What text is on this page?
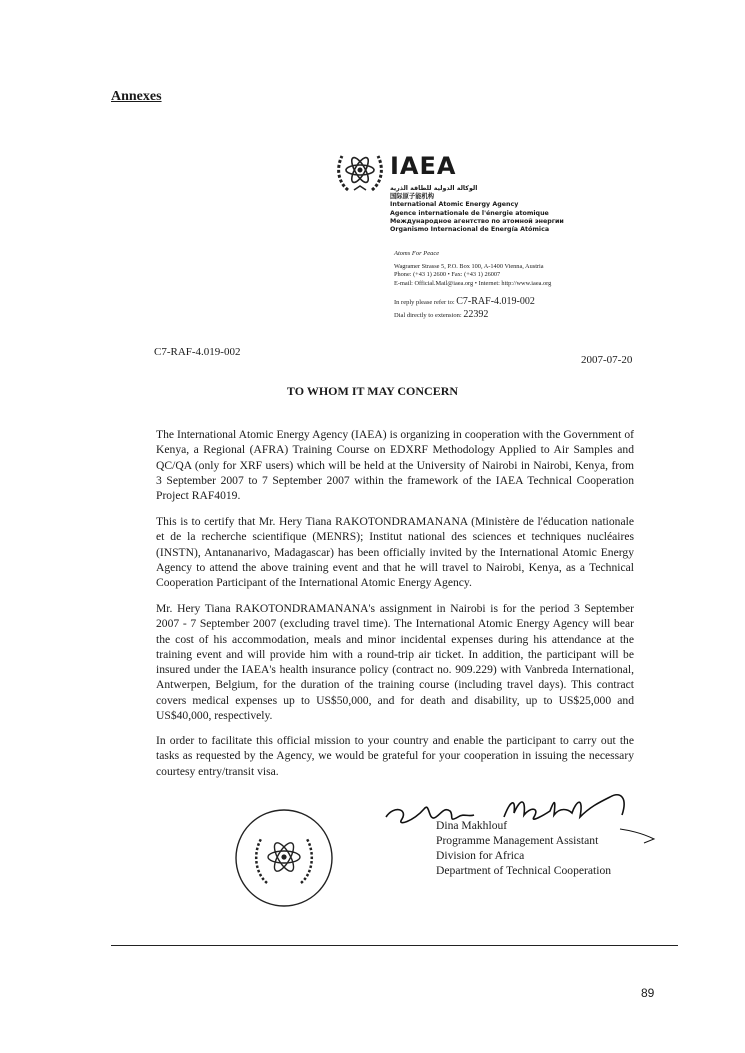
Annexes
IAEA
الوكالة الدولية للطاقة الذرية
国际原子能机构
International Atomic Energy Agency
Agence internationale de l'énergie atomique
Международное агентство по атомной энергии
Organismo Internacional de Energía Atómica
Atoms For Peace
Wagramer Strasse 5, P.O. Box 100, A-1400 Vienna, Austria
Phone: (+43 1) 2600 • Fax: (+43 1) 26007
E-mail: Official.Mail@iaea.org • Internet: http://www.iaea.org
In reply please refer to: C7-RAF-4.019-002
Dial directly to extension: 22392
C7-RAF-4.019-002
2007-07-20
TO WHOM IT MAY CONCERN
The International Atomic Energy Agency (IAEA) is organizing in cooperation with the Government of Kenya, a Regional (AFRA) Training Course on EDXRF Methodology Applied to Air Samples and QC/QA (only for XRF users) which will be held at the University of Nairobi in Nairobi, Kenya, from 3 September 2007 to 7 September 2007 within the framework of the IAEA Technical Cooperation Project RAF4019.
This is to certify that Mr. Hery Tiana RAKOTONDRAMANANA (Ministère de l'éducation nationale et de la recherche scientifique (MENRS); Institut national des sciences et techniques nucléaires (INSTN), Antananarivo, Madagascar) has been officially invited by the International Atomic Energy Agency to attend the above training event and that he will travel to Nairobi, Kenya, as a Technical Cooperation Participant of the International Atomic Energy Agency.
Mr. Hery Tiana RAKOTONDRAMANANA's assignment in Nairobi is for the period 3 September 2007 - 7 September 2007 (excluding travel time). The International Atomic Energy Agency will bear the cost of his accommodation, meals and minor incidental expenses during his attendance at the training event and will provide him with a round-trip air ticket. In addition, the participant will be insured under the IAEA's health insurance policy (contract no. 909.229) with Vanbreda International, Antwerpen, Belgium, for the duration of the training course (including travel days). This contract covers medical expenses up to US$50,000, and for death and disability, up to US$25,000 and US$40,000, respectively.
In order to facilitate this official mission to your country and enable the participant to carry out the tasks as requested by the Agency, we would be grateful for your cooperation in issuing the necessary courtesy entry/transit visa.
Dina Makhlouf
Programme Management Assistant
Division for Africa
Department of Technical Cooperation
89
